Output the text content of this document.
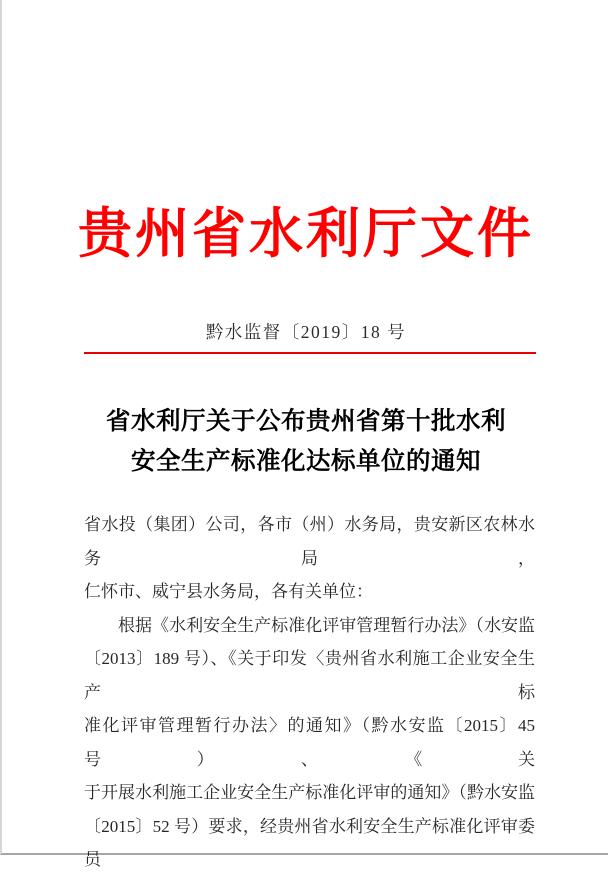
贵州省水利厅文件
黔水监督〔2019〕18 号
省水利厅关于公布贵州省第十批水利
安全生产标准化达标单位的通知
省水投（集团）公司，各市（州）水务局，贵安新区农林水务局，
仁怀市、威宁县水务局，各有关单位：
根据《水利安全生产标准化评审管理暂行办法》（水安监
〔2013〕189 号）、《关于印发〈贵州省水利施工企业安全生产标
准化评审管理暂行办法〉的通知》（黔水安监〔2015〕45 号）、《关
于开展水利施工企业安全生产标准化评审的通知》（黔水安监
〔2015〕52 号）要求，经贵州省水利安全生产标准化评审委员
